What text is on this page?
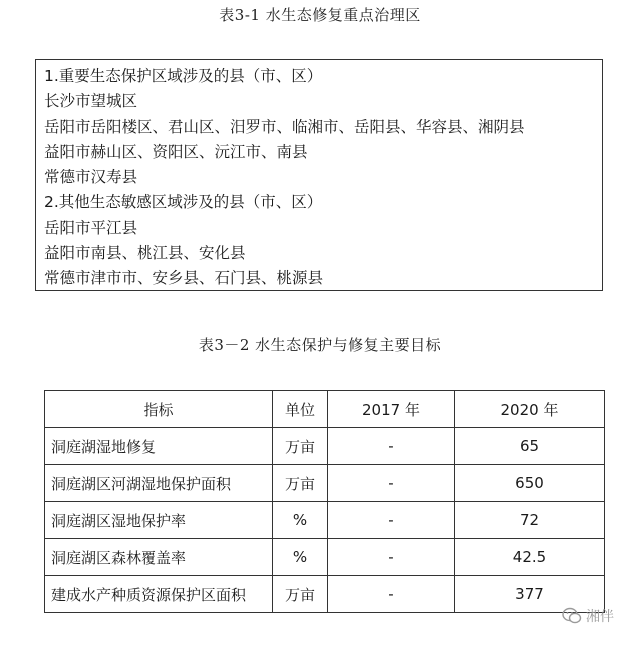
表3-1 水生态修复重点治理区
1.重要生态保护区域涉及的县（市、区）
长沙市望城区
岳阳市岳阳楼区、君山区、汨罗市、临湘市、岳阳县、华容县、湘阴县
益阳市赫山区、资阳区、沅江市、南县
常德市汉寿县
2.其他生态敏感区域涉及的县（市、区）
岳阳市平江县
益阳市南县、桃江县、安化县
常德市津市市、安乡县、石门县、桃源县
表3－2 水生态保护与修复主要目标
指标	单位	2017 年	2020 年
洞庭湖湿地修复	万亩	-	65
洞庭湖区河湖湿地保护面积	万亩	-	650
洞庭湖区湿地保护率	%	-	72
洞庭湖区森林覆盖率	%	-	42.5
建成水产种质资源保护区面积	万亩	-	377
湘伴
